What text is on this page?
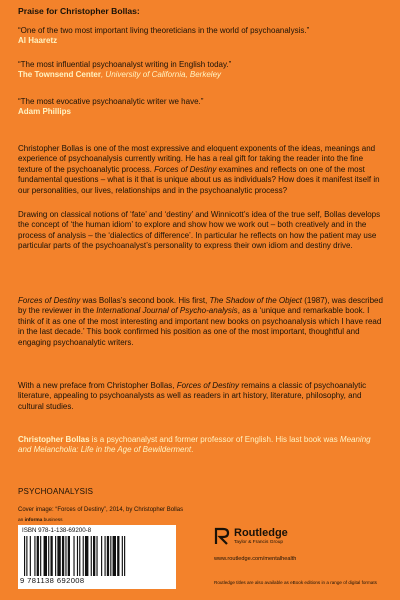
Praise for Christopher Bollas:
“One of the two most important living theoreticians in the world of psychoanalysis.”
Al Haaretz
“The most influential psychoanalyst writing in English today.”
The Townsend Center, University of California, Berkeley
“The most evocative psychoanalytic writer we have.”
Adam Phillips

Christopher Bollas is one of the most expressive and eloquent exponents of the ideas, meanings and experience of psychoanalysis currently writing. He has a real gift for taking the reader into the fine texture of the psychoanalytic process. Forces of Destiny examines and reflects on one of the most fundamental questions – what is it that is unique about us as individuals? How does it manifest itself in our personalities, our lives, relationships and in the psychoanalytic process?

Drawing on classical notions of ‘fate’ and ‘destiny’ and Winnicott’s idea of the true self, Bollas develops the concept of ‘the human idiom’ to explore and show how we work out – both creatively and in the process of analysis – the ‘dialectics of difference’. In particular he reflects on how the patient may use particular parts of the psychoanalyst’s personality to express their own idiom and destiny drive.

Forces of Destiny was Bollas’s second book. His first, The Shadow of the Object (1987), was described by the reviewer in the International Journal of Psycho-analysis, as a ‘unique and remarkable book. I think of it as one of the most interesting and important new books on psychoanalysis which I have read in the last decade.’ This book confirmed his position as one of the most important, thoughtful and engaging psychoanalytic writers.

With a new preface from Christopher Bollas, Forces of Destiny remains a classic of psychoanalytic literature, appealing to psychoanalysts as well as readers in art history, literature, philosophy, and cultural studies.

Christopher Bollas is a psychoanalyst and former professor of English. His last book was Meaning and Melancholia: Life in the Age of Bewilderment.

PSYCHOANALYSIS
Cover image: “Forces of Destiny”, 2014, by Christopher Bollas
an informa business
ISBN 978-1-138-69200-8
9 781138 692008
Routledge
Taylor & Francis Group
www.routledge.com/mentalhealth
Routledge titles are also available as eBook editions in a range of digital formats
